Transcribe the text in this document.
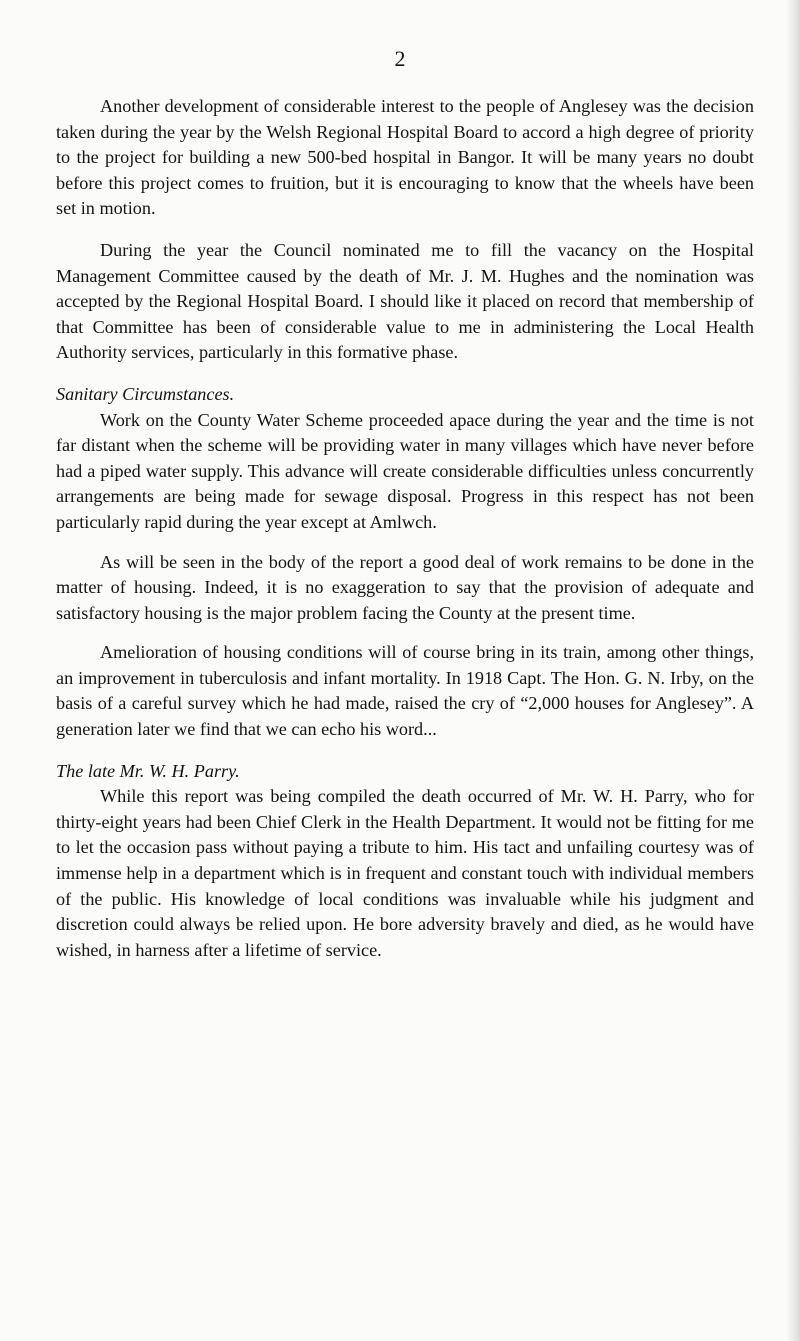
2

Another development of considerable interest to the people of Anglesey was the decision taken during the year by the Welsh Regional Hospital Board to accord a high degree of priority to the project for building a new 500-bed hospital in Bangor. It will be many years no doubt before this project comes to fruition, but it is encouraging to know that the wheels have been set in motion.

During the year the Council nominated me to fill the vacancy on the Hospital Management Committee caused by the death of Mr. J. M. Hughes and the nomination was accepted by the Regional Hospital Board. I should like it placed on record that membership of that Committee has been of considerable value to me in administering the Local Health Authority services, particularly in this formative phase.

Sanitary Circumstances.

Work on the County Water Scheme proceeded apace during the year and the time is not far distant when the scheme will be providing water in many villages which have never before had a piped water supply. This advance will create considerable difficulties unless concurrently arrangements are being made for sewage disposal. Progress in this respect has not been particularly rapid during the year except at Amlwch.

As will be seen in the body of the report a good deal of work remains to be done in the matter of housing. Indeed, it is no exaggeration to say that the provision of adequate and satisfactory housing is the major problem facing the County at the present time.

Amelioration of housing conditions will of course bring in its train, among other things, an improvement in tuberculosis and infant mortality. In 1918 Capt. The Hon. G. N. Irby, on the basis of a careful survey which he had made, raised the cry of “2,000 houses for Anglesey”. A generation later we find that we can echo his word...

The late Mr. W. H. Parry.

While this report was being compiled the death occurred of Mr. W. H. Parry, who for thirty-eight years had been Chief Clerk in the Health Department. It would not be fitting for me to let the occasion pass without paying a tribute to him. His tact and unfailing courtesy was of immense help in a department which is in frequent and constant touch with individual members of the public. His knowledge of local conditions was invaluable while his judgment and discretion could always be relied upon. He bore adversity bravely and died, as he would have wished, in harness after a lifetime of service.
